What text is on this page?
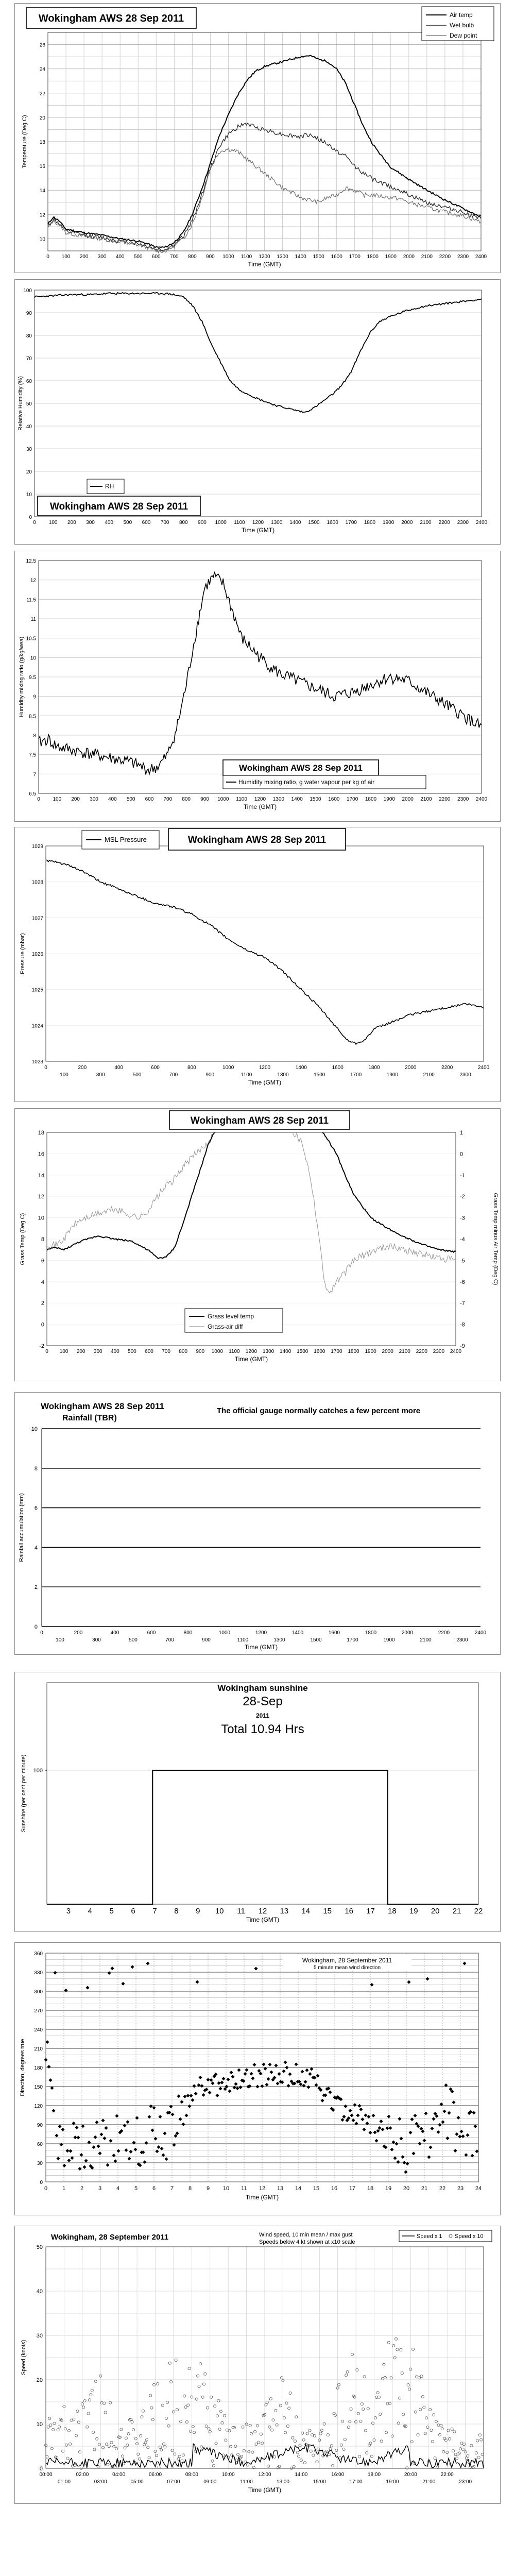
10
12
14
16
18
20
22
24
26
0 100 200 300 400 500 600 700 800 900 1000 1100 1200 1300 1400 1500 1600 1700 1800 1900 2000 2100 2200 2300 2400
Wokingham AWS 28 Sep 2011	Air temp
Wet bulb
Dew point
Time (GMT)
Temperature (Deg C)
0
10
20
30
40
50
60
70
80
90
100
0	100 200 300 400 500 600 700 800 900 1000 1100 1200 1300 1400 1500 1600 1700 1800 1900 2000 2100 2200 2300 2400
RH
Wokingham AWS 28 Sep 2011
Time (GMT)
Relative Humidity (%)
6.5
7
7.5
8
8.5
9
9.5
10
10.5
11
11.5
12
12.5
0 100 200 300 400 500 600 700 800 900 1000 1100 1200 1300 1400 1500 1600 1700 1800 1900 2000 2100 2200 2300 2400
Wokingham AWS 28 Sep 2011
Humidity mixing ratio, g water vapour per kg of air
Time (GMT)
Humidity mixing ratio (g/kg/wea)
1023
1024
1025
1026
1027
1028
1029
0	200	400	600	800	1000	1200	1400	1600	1800	2000	2200	2400
100	300	500	700	900	1100	1300	1500	1700	1900	2100	2300
MSL Pressure	Wokingham AWS 28 Sep 2011
Time (GMT)
Pressure (mbar)
-2
0
2
4
6
8
10
12
14
16
18
-9
-8
-7
-6
-5
-4
-3
-2
-1
0
1
0 100 200 300 400 500 600 700 800 900 1000 1100 1200 1300 1400 1500 1600 1700 1800 1900 2000 2100 2200 2300 2400
Wokingham AWS 28 Sep 2011
Grass level temp
Grass-air diff
Time (GMT)
Grass Temp (Deg C)	Grass Temp minus Air Temp (Deg C)
0
2
4
6
8
10
0	200	400	600	800	1000	1200	1400	1600	1800	2000	2200	2400
100	300	500	700	900	1100	1300	1500	1700	1900	2100	2300
Wokingham AWS 28 Sep 2011
Rainfall (TBR)
The official gauge normally catches a few percent more
Time (GMT)
Rainfall accumulation (mm)
100
3 4 5 6 7 8 9 10 11 12 13 14 15 16 17 18 19 20 21 22
Wokingham sunshine
28-Sep
2011
Total 10.94 Hrs
Time (GMT)
Sunshine (per cent per minute)
0
30
60
90
120
150
180
210
240
270
300
330
360
0	1	2	3	4	5	6	7	8	9 10 11 12 13 14 15 16 17 18 19 20 21 22 23 24
Wokingham, 28 September 2011
5 minute mean wind direction
Time (GMT)
Direction, degrees true
0
10
20
30
40
50
00:00	02:00	04:00	06:00	08:00	10:00	12:00	14:00	16:00	18:00	20:00	22:00
01:00	03:00	05:00	07:00	09:00	11:00	13:00	15:00	17:00	19:00	21:00	23:00
Wokingham, 28 September 2011	Wind speed, 10 min mean / max gust
Speeds below 4 kt shown at x10 scale
Speed x 1 Speed x 10
Time (GMT)
Speed (knots)
